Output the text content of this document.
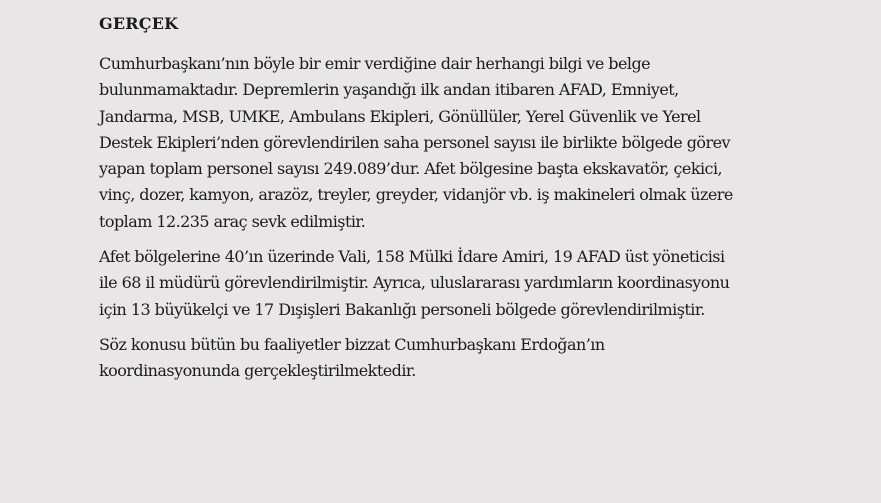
GERÇEK

Cumhurbaşkanı’nın böyle bir emir verdiğine dair herhangi bilgi ve belge
bulunmamaktadır. Depremlerin yaşandığı ilk andan itibaren AFAD, Emniyet,
Jandarma, MSB, UMKE, Ambulans Ekipleri, Gönüllüler, Yerel Güvenlik ve Yerel
Destek Ekipleri’nden görevlendirilen saha personel sayısı ile birlikte bölgede görev
yapan toplam personel sayısı 249.089’dur. Afet bölgesine başta ekskavatör, çekici,
vinç, dozer, kamyon, arazöz, treyler, greyder, vidanjör vb. iş makineleri olmak üzere
toplam 12.235 araç sevk edilmiştir.

Afet bölgelerine 40’ın üzerinde Vali, 158 Mülki İdare Amiri, 19 AFAD üst yöneticisi
ile 68 il müdürü görevlendirilmiştir. Ayrıca, uluslararası yardımların koordinasyonu
için 13 büyükelçi ve 17 Dışişleri Bakanlığı personeli bölgede görevlendirilmiştir.

Söz konusu bütün bu faaliyetler bizzat Cumhurbaşkanı Erdoğan’ın
koordinasyonunda gerçekleştirilmektedir.
